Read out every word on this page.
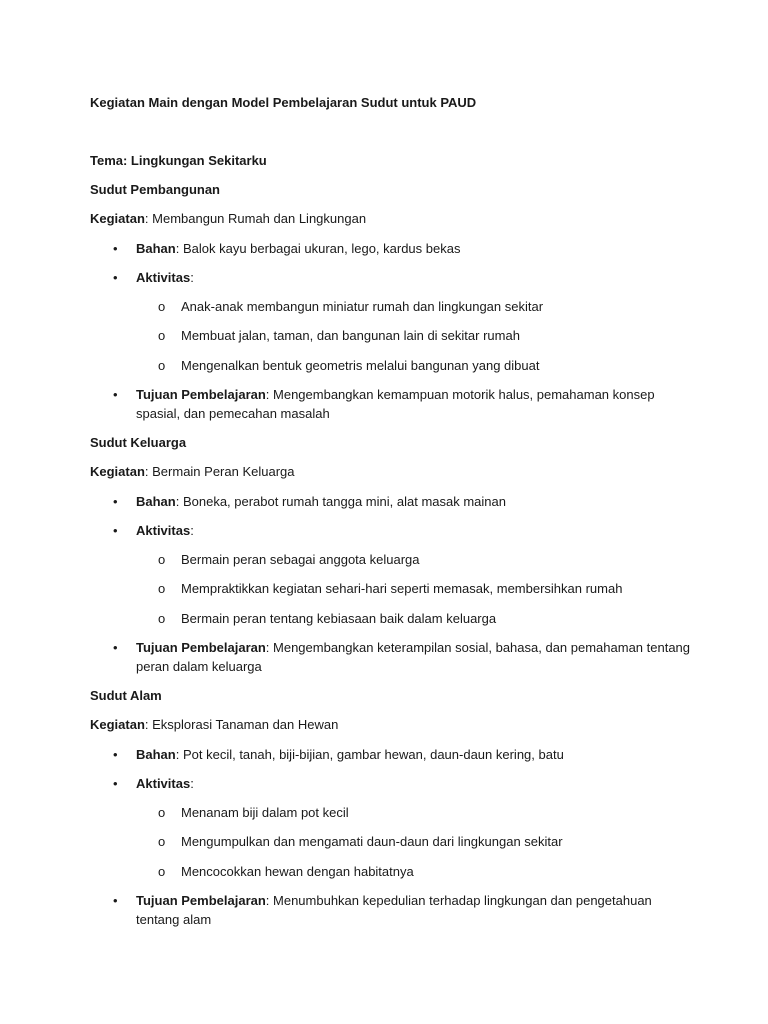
Kegiatan Main dengan Model Pembelajaran Sudut untuk PAUD
Tema: Lingkungan Sekitarku
Sudut Pembangunan
Kegiatan: Membangun Rumah dan Lingkungan
• Bahan: Balok kayu berbagai ukuran, lego, kardus bekas
• Aktivitas:
o Anak-anak membangun miniatur rumah dan lingkungan sekitar
o Membuat jalan, taman, dan bangunan lain di sekitar rumah
o Mengenalkan bentuk geometris melalui bangunan yang dibuat
• Tujuan Pembelajaran: Mengembangkan kemampuan motorik halus, pemahaman konsep
spasial, dan pemecahan masalah
Sudut Keluarga
Kegiatan: Bermain Peran Keluarga
• Bahan: Boneka, perabot rumah tangga mini, alat masak mainan
• Aktivitas:
o Bermain peran sebagai anggota keluarga
o Mempraktikkan kegiatan sehari-hari seperti memasak, membersihkan rumah
o Bermain peran tentang kebiasaan baik dalam keluarga
• Tujuan Pembelajaran: Mengembangkan keterampilan sosial, bahasa, dan pemahaman tentang
peran dalam keluarga
Sudut Alam
Kegiatan: Eksplorasi Tanaman dan Hewan
• Bahan: Pot kecil, tanah, biji-bijian, gambar hewan, daun-daun kering, batu
• Aktivitas:
o Menanam biji dalam pot kecil
o Mengumpulkan dan mengamati daun-daun dari lingkungan sekitar
o Mencocokkan hewan dengan habitatnya
• Tujuan Pembelajaran: Menumbuhkan kepedulian terhadap lingkungan dan pengetahuan
tentang alam
